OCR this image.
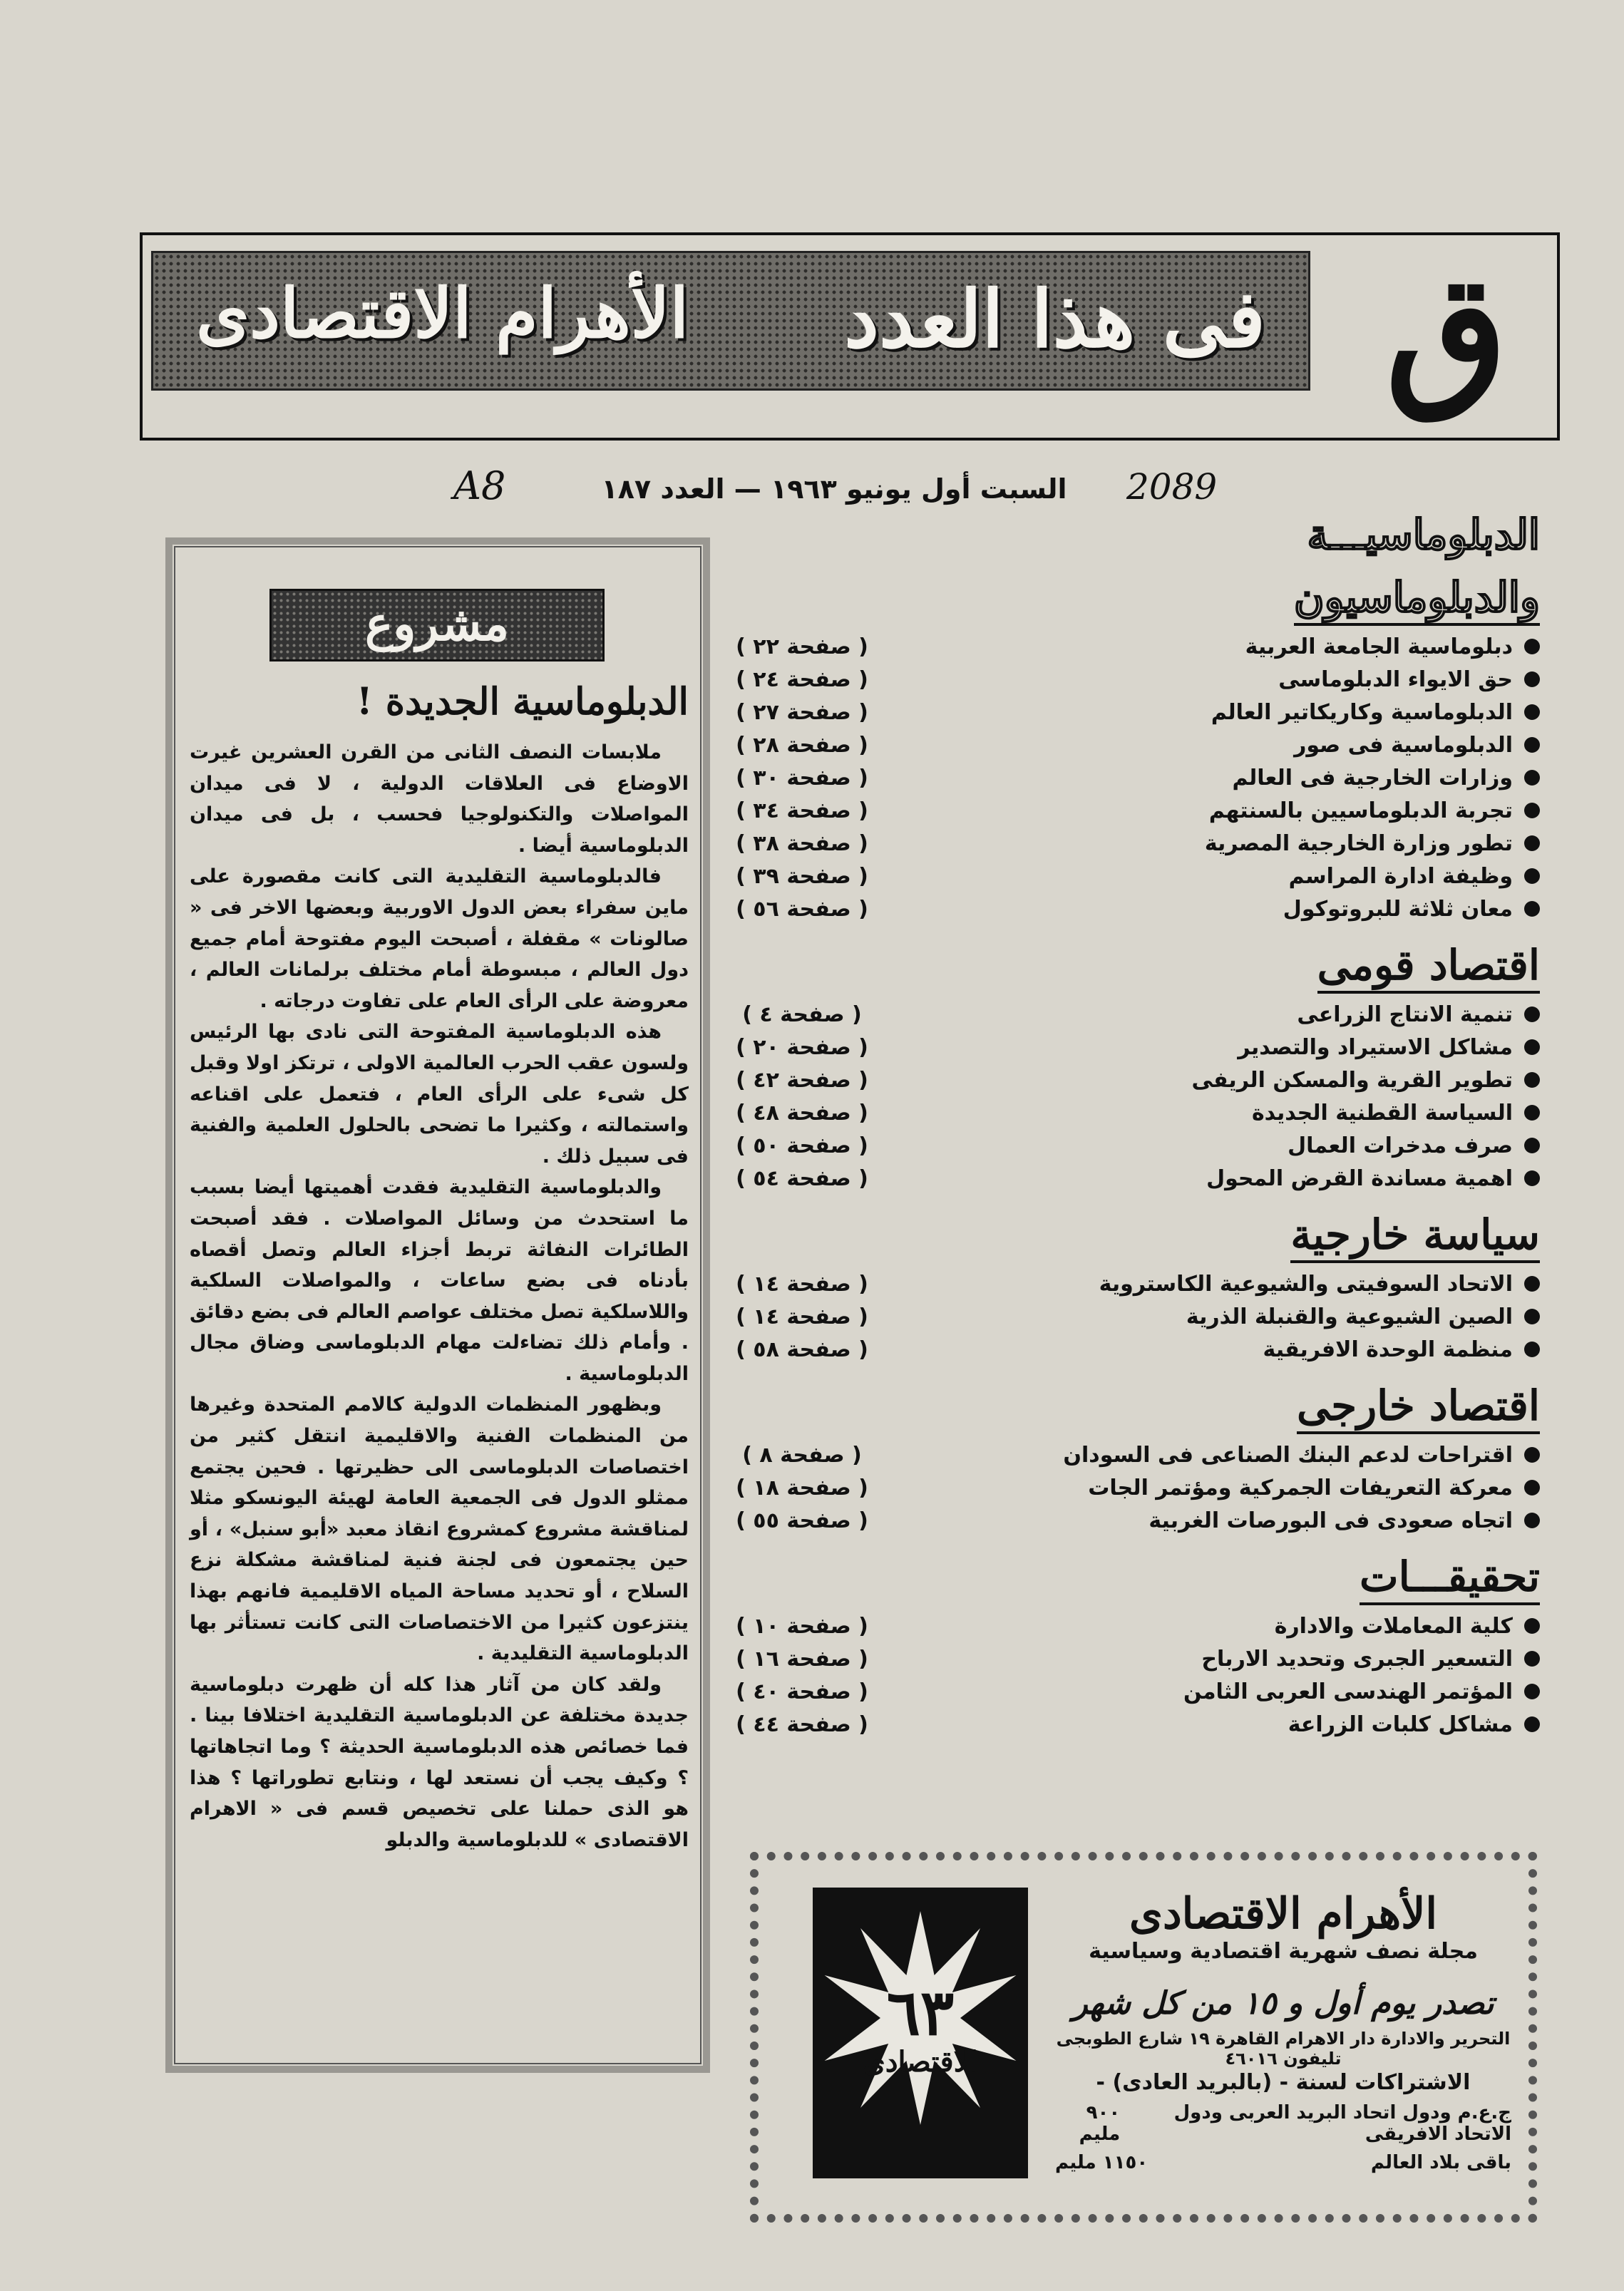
فى هذا العدد
الأهرام الاقتصادى	ق
2089
السبت أول يونيو ١٩٦٣ — العدد ١٨٧
A8
الدبلوماسيـــة
والدبلوماسيون
دبلوماسية الجامعة العربية
( صفحة ٢٢ )
حق الايواء الدبلوماسى
( صفحة ٢٤ )
الدبلوماسية وكاريكاتير العالم
( صفحة ٢٧ )
الدبلوماسية فى صور
( صفحة ٢٨ )
وزارات الخارجية فى العالم
( صفحة ٣٠ )
تجربة الدبلوماسيين بالسنتهم
( صفحة ٣٤ )
تطور وزارة الخارجية المصرية
( صفحة ٣٨ )
وظيفة ادارة المراسم
( صفحة ٣٩ )
معان ثلاثة للبروتوكول
( صفحة ٥٦ )
اقتصاد قومى
تنمية الانتاج الزراعى
( صفحة ٤ )
مشاكل الاستيراد والتصدير
( صفحة ٢٠ )
تطوير القرية والمسكن الريفى
( صفحة ٤٢ )
السياسة القطنية الجديدة
( صفحة ٤٨ )
صرف مدخرات العمال
( صفحة ٥٠ )
اهمية مساندة القرض المحول
( صفحة ٥٤ )
سياسة خارجية
الاتحاد السوفيتى والشيوعية الكاستروية
( صفحة ١٤ )
الصين الشيوعية والقنبلة الذرية
( صفحة ١٤ )
منظمة الوحدة الافريقية
( صفحة ٥٨ )
اقتصاد خارجى
اقتراحات لدعم البنك الصناعى فى السودان
( صفحة ٨ )
معركة التعريفات الجمركية ومؤتمر الجات
( صفحة ١٨ )
اتجاه صعودى فى البورصات الغربية
( صفحة ٥٥ )
تحقيقـــات
كلية المعاملات والادارة
( صفحة ١٠ )
التسعير الجبرى وتحديد الارباح
( صفحة ١٦ )
المؤتمر الهندسى العربى الثامن
( صفحة ٤٠ )
مشاكل كلبات الزراعة
( صفحة ٤٤ )
مشروع
الدبلوماسية الجديدة !

ملابسات النصف الثانى من القرن العشرين غيرت الاوضاع فى العلاقات الدولية ، لا فى ميدان المواصلات والتكنولوجيا فحسب ، بل فى ميدان الدبلوماسية أيضا .

فالدبلوماسية التقليدية التى كانت مقصورة على ماين سفراء بعض الدول الاوربية وبعضها الاخر فى « صالونات » مقفلة ، أصبحت اليوم مفتوحة أمام جميع دول العالم ، مبسوطة أمام مختلف برلمانات العالم ، معروضة على الرأى العام على تفاوت درجاته .

هذه الدبلوماسية المفتوحة التى نادى بها الرئيس ولسون عقب الحرب العالمية الاولى ، ترتكز اولا وقبل كل شىء على الرأى العام ، فتعمل على اقناعه واستمالته ، وكثيرا ما تضحى بالحلول العلمية والفنية فى سبيل ذلك .

والدبلوماسية التقليدية فقدت أهميتها أيضا بسبب ما استحدث من وسائل المواصلات . فقد أصبحت الطائرات النفاثة تربط أجزاء العالم وتصل أقصاه بأدناه فى بضع ساعات ، والمواصلات السلكية واللاسلكية تصل مختلف عواصم العالم فى بضع دقائق . وأمام ذلك تضاءلت مهام الدبلوماسى وضاق مجال الدبلوماسية .

وبظهور المنظمات الدولية كالامم المتحدة وغيرها من المنظمات الفنية والاقليمية انتقل كثير من اختصاصات الدبلوماسى الى حظيرتها . فحين يجتمع ممثلو الدول فى الجمعية العامة لهيئة اليونسكو مثلا لمناقشة مشروع كمشروع انقاذ معبد «أبو سنبل» ، أو حين يجتمعون فى لجنة فنية لمناقشة مشكلة نزع السلاح ، أو تحديد مساحة المياه الاقليمية فانهم بهذا ينتزعون كثيرا من الاختصاصات التى كانت تستأثر بها الدبلوماسية التقليدية .

ولقد كان من آثار هذا كله أن ظهرت دبلوماسية جديدة مختلفة عن الدبلوماسية التقليدية اختلافا بينا . فما خصائص هذه الدبلوماسية الحديثة ؟ وما اتجاهاتها ؟ وكيف يجب أن نستعد لها ، ونتابع تطوراتها ؟ هذا هو الذى حملنا على تخصيص قسم فى « الاهرام الاقتصادى » للدبلوماسية والدبلو

٦٣
الاقتصادى

الأهرام الاقتصادى

مجلة نصف شهرية اقتصادية وسياسية

تصدر يوم أول و ١٥ من كل شهر

التحرير والادارة دار الاهرام القاهرة ١٩ شارع الطوبجى تليفون ٤٦٠١٦

الاشتراكات لسنة - (بالبريد العادى) -

ج.ع.م ودول اتحاد البريد العربى ودول الاتحاد الافريقى
٩٠٠ مليم
باقى بلاد العالم
١١٥٠ مليم
